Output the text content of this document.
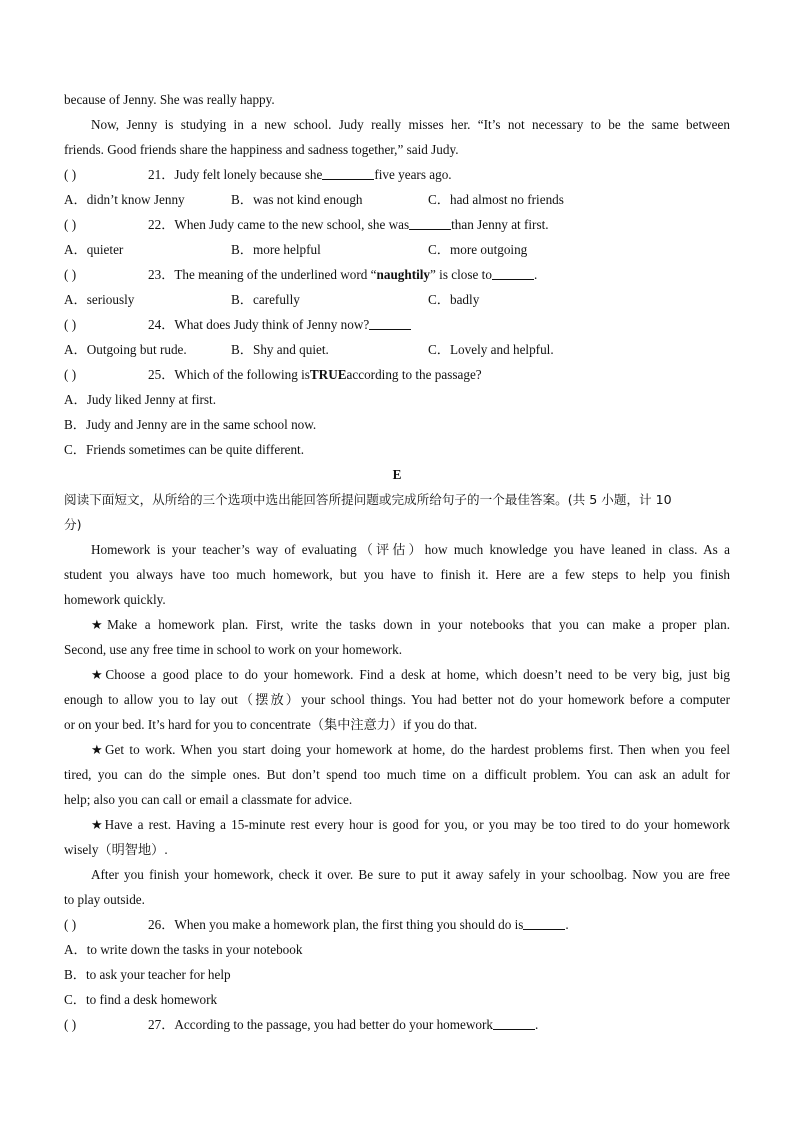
because of Jenny. She was really happy.
Now, Jenny is studying in a new school. Judy really misses her. “It’s not necessary to be the same between
friends. Good friends share the happiness and sadness together,” said Judy.
( )	21． Judy felt lonely because she	five years ago.
A．didn’t know Jenny	B．was not kind enough	C．had almost no friends
( )	22． When Judy came to the new school, she was	than Jenny at first.
A．quieter	B．more helpful	C．more outgoing
( )	23． The meaning of the underlined word “ naughtily ” is close to	.
A．seriously	B．carefully	C．badly
( )	24． What does Judy think of Jenny now?
A．Outgoing but rude.	B．Shy and quiet.	C．Lovely and helpful.
( )	25． Which of the following is TRUE according to the passage?
A．Judy liked Jenny at first.
B．Judy and Jenny are in the same school now.
C．Friends sometimes can be quite different.
E
阅读下面短文，从所给的三个选项中选出能回答所提问题或完成所给句子的一个最佳答案。(共 5 小题，计 10
分)
Homework is your teacher’s way of evaluating（评估）how much knowledge you have leaned in class. As a
student you always have too much homework, but you have to finish it. Here are a few steps to help you finish
homework quickly.
★Make a homework plan. First, write the tasks down in your notebooks that you can make a proper plan.
Second, use any free time in school to work on your homework.
★Choose a good place to do your homework. Find a desk at home, which doesn’t need to be very big, just big
enough to allow you to lay out（摆放）your school things. You had better not do your homework before a computer
or on your bed. It’s hard for you to concentrate（集中注意力）if you do that.
★Get to work. When you start doing your homework at home, do the hardest problems first. Then when you feel
tired, you can do the simple ones. But don’t spend too much time on a difficult problem. You can ask an adult for
help; also you can call or email a classmate for advice.
★Have a rest. Having a 15-minute rest every hour is good for you, or you may be too tired to do your homework
wisely（明智地）.
After you finish your homework, check it over. Be sure to put it away safely in your schoolbag. Now you are free
to play outside.
( )	26． When you make a homework plan, the first thing you should do is	.
A．to write down the tasks in your notebook
B．to ask your teacher for help
C．to find a desk homework
( )	27． According to the passage, you had better do your homework	.
